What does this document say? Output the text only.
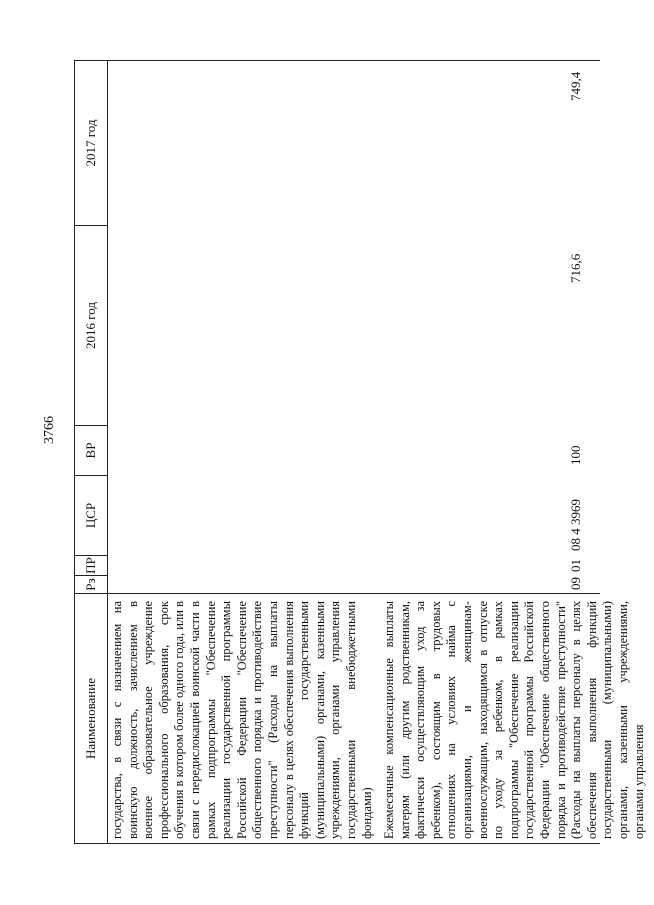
3766
Наименование
Рз
ПР
ЦСР
ВР
2016 год
2017 год

государства, в связи с назначением на воинскую должность, зачислением в военное образовательное учреждение профессионального образования, срок обучения в котором более одного года, или в связи с передислокацией воинской части в рамках подпрограммы "Обеспечение реализации государственной программы Российской Федерации "Обеспечение общественного порядка и противодействие преступности" (Расходы на выплаты персоналу в целях обеспечения выполнения функций государственными (муниципальными) органами, казенными учреждениями, органами управления государственными внебюджетными фондами) Ежемесячные компенсационные выплаты матерям (или другим родственникам, фактически осуществляющим уход за ребенком), состоящим в трудовых отношениях на условиях найма с организациями, и женщинам-военнослужащим, находящимся в отпуске по уходу за ребенком, в рамках подпрограммы "Обеспечение реализации государственной программы Российской Федерации "Обеспечение общественного порядка и противодействие преступности" (Расходы на выплаты персоналу в целях обеспечения выполнения функций государственными (муниципальными) органами, казенными учреждениями, органами управления

09
01
08 4 3969
100
716,6
749,4
